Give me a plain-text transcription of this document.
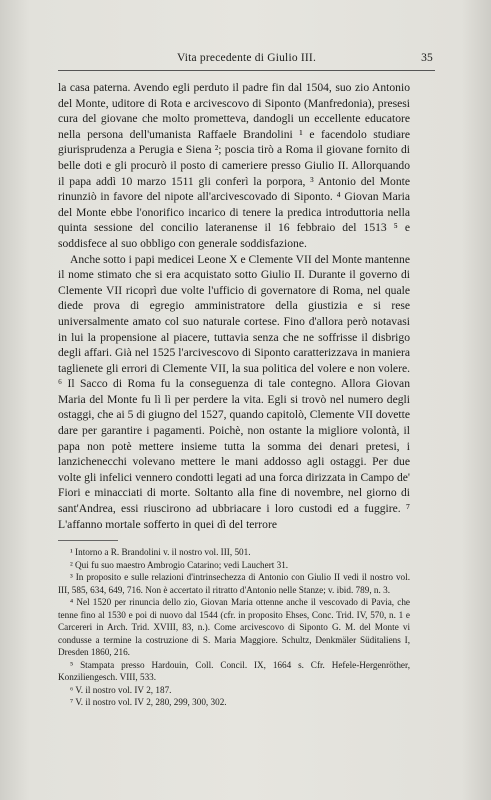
Vita precedente di Giulio III.	35

la casa paterna. Avendo egli perduto il padre fin dal 1504, suo zio Antonio del Monte, uditore di Rota e arcivescovo di Siponto (Manfredonia), presesi cura del giovane che molto prometteva, dandogli un eccellente educatore nella persona dell'umanista Raffaele Brandolini ¹ e facendolo studiare giurisprudenza a Perugia e Siena ²; poscia tirò a Roma il giovane fornito di belle doti e gli procurò il posto di cameriere presso Giulio II. Allorquando il papa addì 10 marzo 1511 gli conferì la porpora, ³ Antonio del Monte rinunziò in favore del nipote all'arcivescovado di Siponto. ⁴ Giovan Maria del Monte ebbe l'onorifico incarico di tenere la predica introduttoria nella quinta sessione del concilio lateranense il 16 febbraio del 1513 ⁵ e soddisfece al suo obbligo con generale soddisfazione.

Anche sotto i papi medicei Leone X e Clemente VII del Monte mantenne il nome stimato che si era acquistato sotto Giulio II. Durante il governo di Clemente VII ricoprì due volte l'ufficio di governatore di Roma, nel quale diede prova di egregio amministratore della giustizia e si rese universalmente amato col suo naturale cortese. Fino d'allora però notavasi in lui la propensione al piacere, tuttavia senza che ne soffrisse il disbrigo degli affari. Già nel 1525 l'arcivescovo di Siponto caratterizzava in maniera taglienete gli errori di Clemente VII, la sua politica del volere e non volere. ⁶ Il Sacco di Roma fu la conseguenza di tale contegno. Allora Giovan Maria del Monte fu lì lì per perdere la vita. Egli si trovò nel numero degli ostaggi, che ai 5 di giugno del 1527, quando capitolò, Clemente VII dovette dare per garantire i pagamenti. Poichè, non ostante la migliore volontà, il papa non potè mettere insieme tutta la somma dei denari pretesi, i lanzichenecchi volevano mettere le mani addosso agli ostaggi. Per due volte gli infelici vennero condotti legati ad una forca dirizzata in Campo de' Fiori e minacciati di morte. Soltanto alla fine di novembre, nel giorno di sant'Andrea, essi riuscirono ad ubbriacare i loro custodi ed a fuggire. ⁷ L'affanno mortale sofferto in quei dì del terrore

¹ Intorno a R. Brandolini v. il nostro vol. III, 501.

² Qui fu suo maestro Ambrogio Catarino; vedi Lauchert 31.

³ In proposito e sulle relazioni d'intrinsechezza di Antonio con Giulio II vedi il nostro vol. III, 585, 634, 649, 716. Non è accertato il ritratto d'Antonio nelle Stanze; v. ibid. 789, n. 3.

⁴ Nel 1520 per rinuncia dello zio, Giovan Maria ottenne anche il vescovado di Pavia, che tenne fino al 1530 e poi di nuovo dal 1544 (cfr. in proposito Ehses, Conc. Trid. IV, 570, n. 1 e Carcereri in Arch. Trid. XVIII, 83, n.). Come arcivescovo di Siponto G. M. del Monte vi condusse a termine la costruzione di S. Maria Maggiore. Schultz, Denkmäler Süditaliens I, Dresden 1860, 216.

⁵ Stampata presso Hardouin, Coll. Concil. IX, 1664 s. Cfr. Hefele-Hergenröther, Konziliengesch. VIII, 533.

⁶ V. il nostro vol. IV 2, 187.

⁷ V. il nostro vol. IV 2, 280, 299, 300, 302.
